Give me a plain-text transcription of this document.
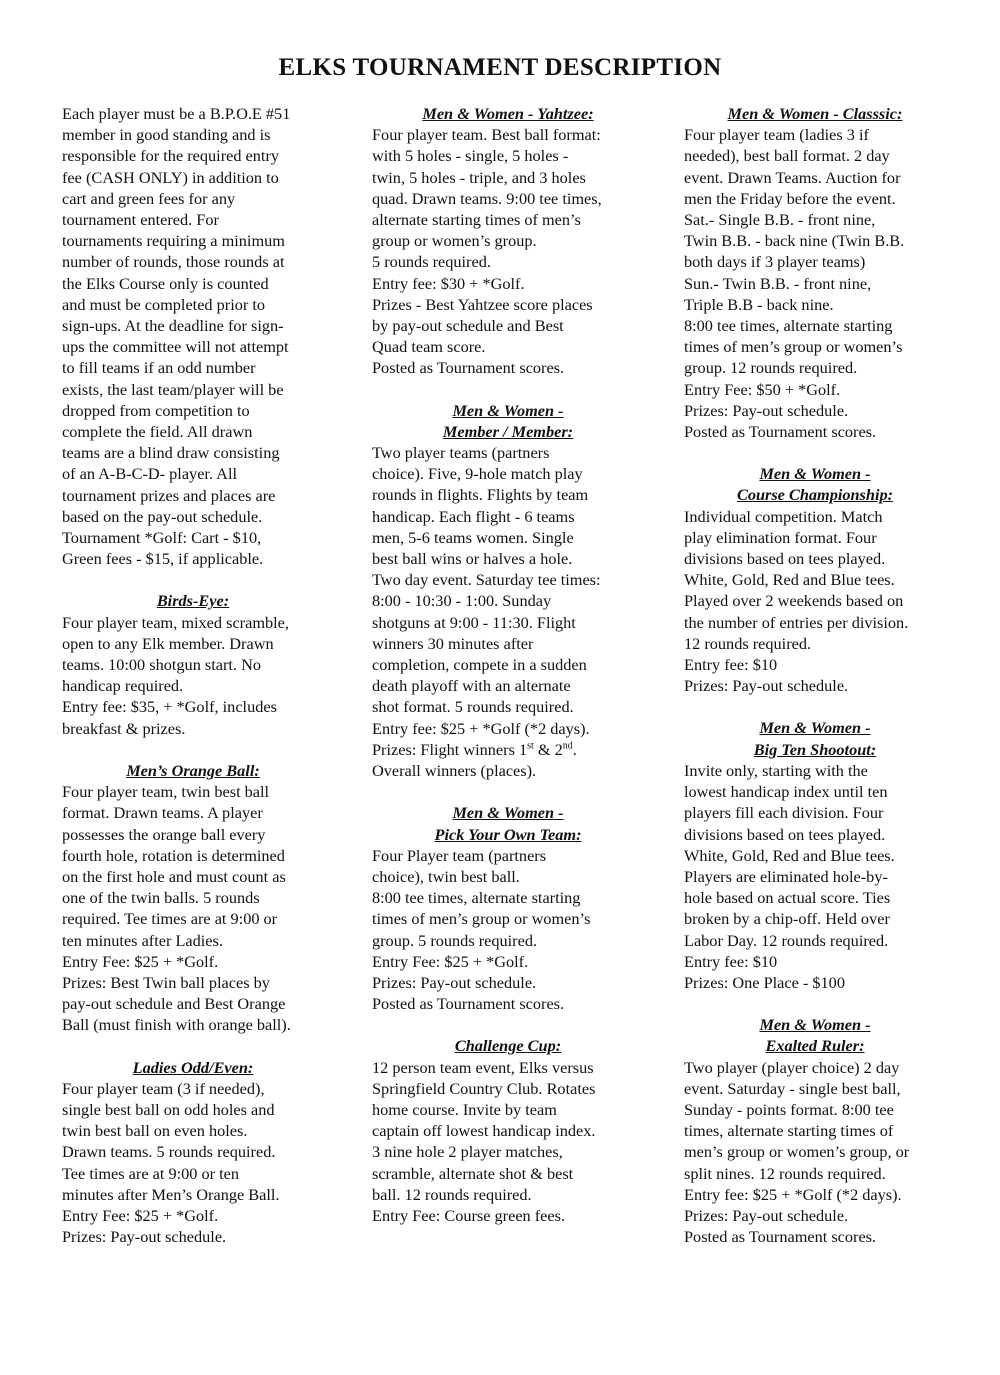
ELKS TOURNAMENT DESCRIPTION
Each player must be a B.P.O.E #51
member in good standing and is
responsible for the required entry
fee (CASH ONLY) in addition to
cart and green fees for any
tournament entered. For
tournaments requiring a minimum
number of rounds, those rounds at
the Elks Course only is counted
and must be completed prior to
sign-ups. At the deadline for sign-
ups the committee will not attempt
to fill teams if an odd number
exists, the last team/player will be
dropped from competition to
complete the field. All drawn
teams are a blind draw consisting
of an A-B-C-D- player. All
tournament prizes and places are
based on the pay-out schedule.
Tournament *Golf: Cart - $10,
Green fees - $15, if applicable.
Birds-Eye:
Four player team, mixed scramble,
open to any Elk member. Drawn
teams. 10:00 shotgun start. No
handicap required.
Entry fee: $35, + *Golf, includes
breakfast & prizes.
Men’s Orange Ball:
Four player team, twin best ball
format. Drawn teams. A player
possesses the orange ball every
fourth hole, rotation is determined
on the first hole and must count as
one of the twin balls. 5 rounds
required. Tee times are at 9:00 or
ten minutes after Ladies.
Entry Fee: $25 + *Golf.
Prizes: Best Twin ball places by
pay-out schedule and Best Orange
Ball (must finish with orange ball).
Ladies Odd/Even:
Four player team (3 if needed),
single best ball on odd holes and
twin best ball on even holes.
Drawn teams. 5 rounds required.
Tee times are at 9:00 or ten
minutes after Men’s Orange Ball.
Entry Fee: $25 + *Golf.
Prizes: Pay-out schedule.
Men & Women - Yahtzee:
Four player team. Best ball format:
with 5 holes - single, 5 holes -
twin, 5 holes - triple, and 3 holes
quad. Drawn teams. 9:00 tee times,
alternate starting times of men’s
group or women’s group.
5 rounds required.
Entry fee: $30 + *Golf.
Prizes - Best Yahtzee score places
by pay-out schedule and Best
Quad team score.
Posted as Tournament scores.
Men & Women -
Member / Member:
Two player teams (partners
choice). Five, 9-hole match play
rounds in flights. Flights by team
handicap. Each flight - 6 teams
men, 5-6 teams women. Single
best ball wins or halves a hole.
Two day event. Saturday tee times:
8:00 - 10:30 - 1:00. Sunday
shotguns at 9:00 - 11:30. Flight
winners 30 minutes after
completion, compete in a sudden
death playoff with an alternate
shot format. 5 rounds required.
Entry fee: $25 + *Golf (*2 days).
Prizes: Flight winners 1st & 2nd.
Overall winners (places).
Men & Women -
Pick Your Own Team:
Four Player team (partners
choice), twin best ball.
8:00 tee times, alternate starting
times of men’s group or women’s
group. 5 rounds required.
Entry Fee: $25 + *Golf.
Prizes: Pay-out schedule.
Posted as Tournament scores.
Challenge Cup:
12 person team event, Elks versus
Springfield Country Club. Rotates
home course. Invite by team
captain off lowest handicap index.
3 nine hole 2 player matches,
scramble, alternate shot & best
ball. 12 rounds required.
Entry Fee: Course green fees.
Men & Women - Classsic:
Four player team (ladies 3 if
needed), best ball format. 2 day
event. Drawn Teams. Auction for
men the Friday before the event.
Sat.- Single B.B. - front nine,
Twin B.B. - back nine (Twin B.B.
both days if 3 player teams)
Sun.- Twin B.B. - front nine,
Triple B.B - back nine.
8:00 tee times, alternate starting
times of men’s group or women’s
group. 12 rounds required.
Entry Fee: $50 + *Golf.
Prizes: Pay-out schedule.
Posted as Tournament scores.
Men & Women -
Course Championship:
Individual competition. Match
play elimination format. Four
divisions based on tees played.
White, Gold, Red and Blue tees.
Played over 2 weekends based on
the number of entries per division.
12 rounds required.
Entry fee: $10
Prizes: Pay-out schedule.
Men & Women -
Big Ten Shootout:
Invite only, starting with the
lowest handicap index until ten
players fill each division. Four
divisions based on tees played.
White, Gold, Red and Blue tees.
Players are eliminated hole-by-
hole based on actual score. Ties
broken by a chip-off. Held over
Labor Day. 12 rounds required.
Entry fee: $10
Prizes: One Place - $100
Men & Women -
Exalted Ruler:
Two player (player choice) 2 day
event. Saturday - single best ball,
Sunday - points format. 8:00 tee
times, alternate starting times of
men’s group or women’s group, or
split nines. 12 rounds required.
Entry fee: $25 + *Golf (*2 days).
Prizes: Pay-out schedule.
Posted as Tournament scores.
